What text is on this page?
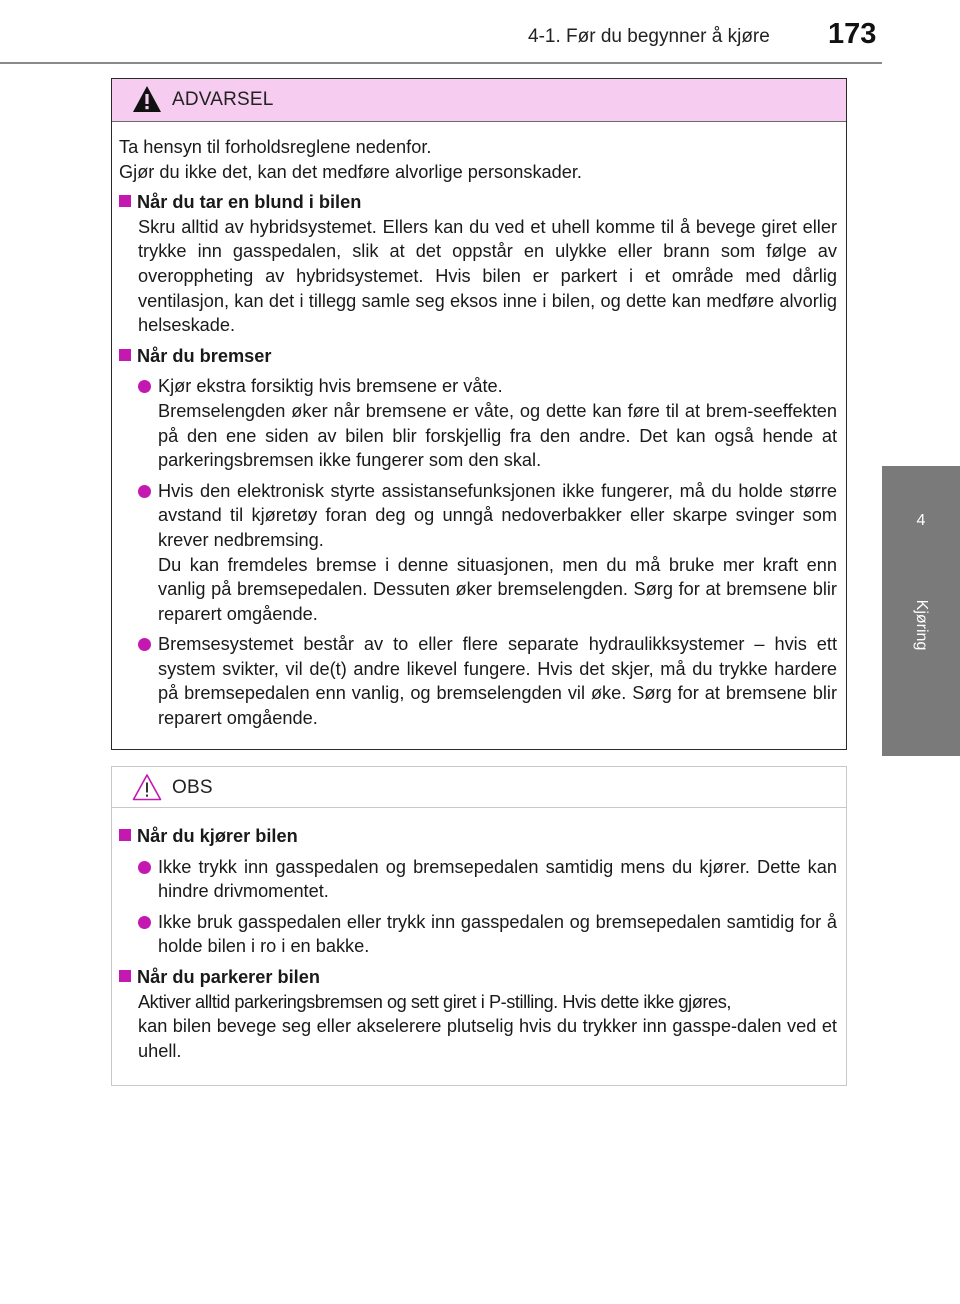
4-1. Før du begynner å kjøre 173
4
Kjøring
ADVARSEL

Ta hensyn til forholdsreglene nedenfor.

Gjør du ikke det, kan det medføre alvorlige personskader.

Når du tar en blund i bilen
Skru alltid av hybridsystemet. Ellers kan du ved et uhell komme til å bevege giret eller trykke inn gasspedalen, slik at det oppstår en ulykke eller brann som følge av overoppheting av hybridsystemet. Hvis bilen er parkert i et område med dårlig ventilasjon, kan det i tillegg samle seg eksos inne i bilen, og dette kan medføre alvorlig helseskade.
Når du bremser
Kjør ekstra forsiktig hvis bremsene er våte.
Bremselengden øker når bremsene er våte, og dette kan føre til at brem-seeffekten på den ene siden av bilen blir forskjellig fra den andre. Det kan også hende at parkeringsbremsen ikke fungerer som den skal.
Hvis den elektronisk styrte assistansefunksjonen ikke fungerer, må du holde større avstand til kjøretøy foran deg og unngå nedoverbakker eller skarpe svinger som krever nedbremsing.
Du kan fremdeles bremse i denne situasjonen, men du må bruke mer kraft enn vanlig på bremsepedalen. Dessuten øker bremselengden. Sørg for at bremsene blir reparert omgående.
Bremsesystemet består av to eller flere separate hydraulikksystemer – hvis ett system svikter, vil de(t) andre likevel fungere. Hvis det skjer, må du trykke hardere på bremsepedalen enn vanlig, og bremselengden vil øke. Sørg for at bremsene blir reparert omgående.
OBS
Når du kjører bilen
Ikke trykk inn gasspedalen og bremsepedalen samtidig mens du kjører. Dette kan hindre drivmomentet.
Ikke bruk gasspedalen eller trykk inn gasspedalen og bremsepedalen samtidig for å holde bilen i ro i en bakke.
Når du parkerer bilen
Aktiver alltid parkeringsbremsen og sett giret i P-stilling. Hvis dette ikke gjøres,
kan bilen bevege seg eller akselerere plutselig hvis du trykker inn gasspe-dalen ved et uhell.
